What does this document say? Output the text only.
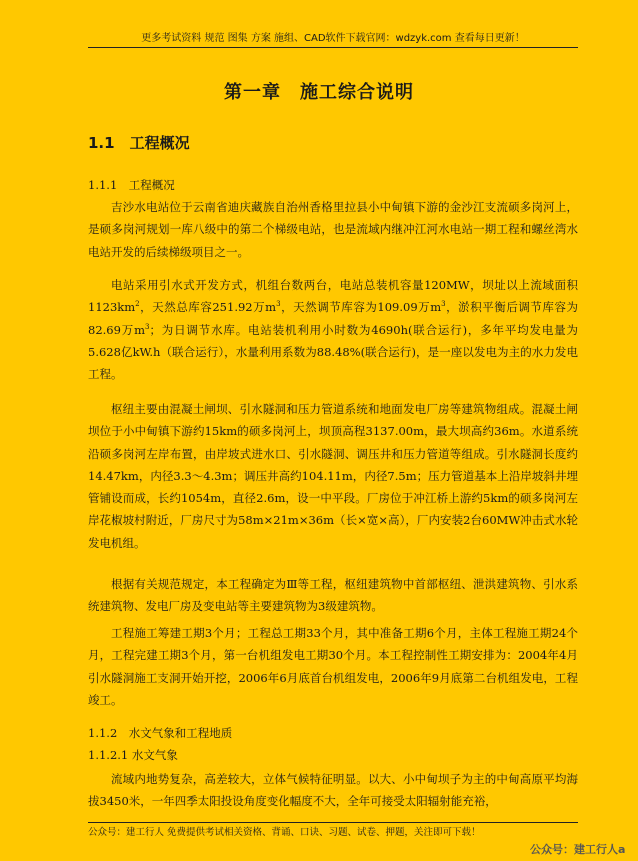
更多考试资料 规范 图集 方案 施组、CAD软件下载官网：wdzyk.com 查看每日更新！
第一章　施工综合说明
1.1　工程概况
1.1.1　工程概况

吉沙水电站位于云南省迪庆藏族自治州香格里拉县小中甸镇下游的金沙江支流硕多岗河上，是硕多岗河规划一库八级中的第二个梯级电站，也是流域内继冲江河水电站一期工程和螺丝湾水电站开发的后续梯级项目之一。

电站采用引水式开发方式，机组台数两台，电站总装机容量120MW，坝址以上流域面积$1123km^2$，天然总库容251.92万$m^3$，天然调节库容为109.09万$m^3$，淤积平衡后调节库容为82.69万$m^3$；为日调节水库。电站装机利用小时数为4690h(联合运行)，多年平均发电量为5.628亿kW.h（联合运行），水量利用系数为88.48%(联合运行)，是一座以发电为主的水力发电工程。

枢纽主要由混凝土闸坝、引水隧洞和压力管道系统和地面发电厂房等建筑物组成。混凝土闸坝位于小中甸镇下游约15km的硕多岗河上，坝顶高程3137.00m，最大坝高约36m。水道系统沿硕多岗河左岸布置，由岸坡式进水口、引水隧洞、调压井和压力管道等组成。引水隧洞长度约14.47km，内径3.3～4.3m；调压井高约104.11m，内径7.5m；压力管道基本上沿岸坡斜井埋管铺设而成，长约1054m，直径2.6m，设一中平段。厂房位于冲江桥上游约5km的硕多岗河左岸花椒坡村附近，厂房尺寸为58m×21m×36m（长×宽×高），厂内安装2台60MW冲击式水轮发电机组。

根据有关规范规定，本工程确定为Ⅲ等工程，枢纽建筑物中首部枢纽、泄洪建筑物、引水系统建筑物、发电厂房及变电站等主要建筑物为3级建筑物。

工程施工筹建工期3个月；工程总工期33个月，其中准备工期6个月，主体工程施工期24个月，工程完建工期3个月，第一台机组发电工期30个月。本工程控制性工期安排为：2004年4月引水隧洞施工支洞开始开挖，2006年6月底首台机组发电，2006年9月底第二台机组发电，工程竣工。

1.1.2　水文气象和工程地质
1.1.2.1 水文气象

流域内地势复杂，高差较大，立体气候特征明显。以大、小中甸坝子为主的中甸高原平均海拔3450米，一年四季太阳投设角度变化幅度不大，全年可接受太阳辐射能充裕，

公众号：建工行人 免费提供考试相关资格、背诵、口诀、习题、试卷、押题，关注即可下载！
公众号：建工行人a
